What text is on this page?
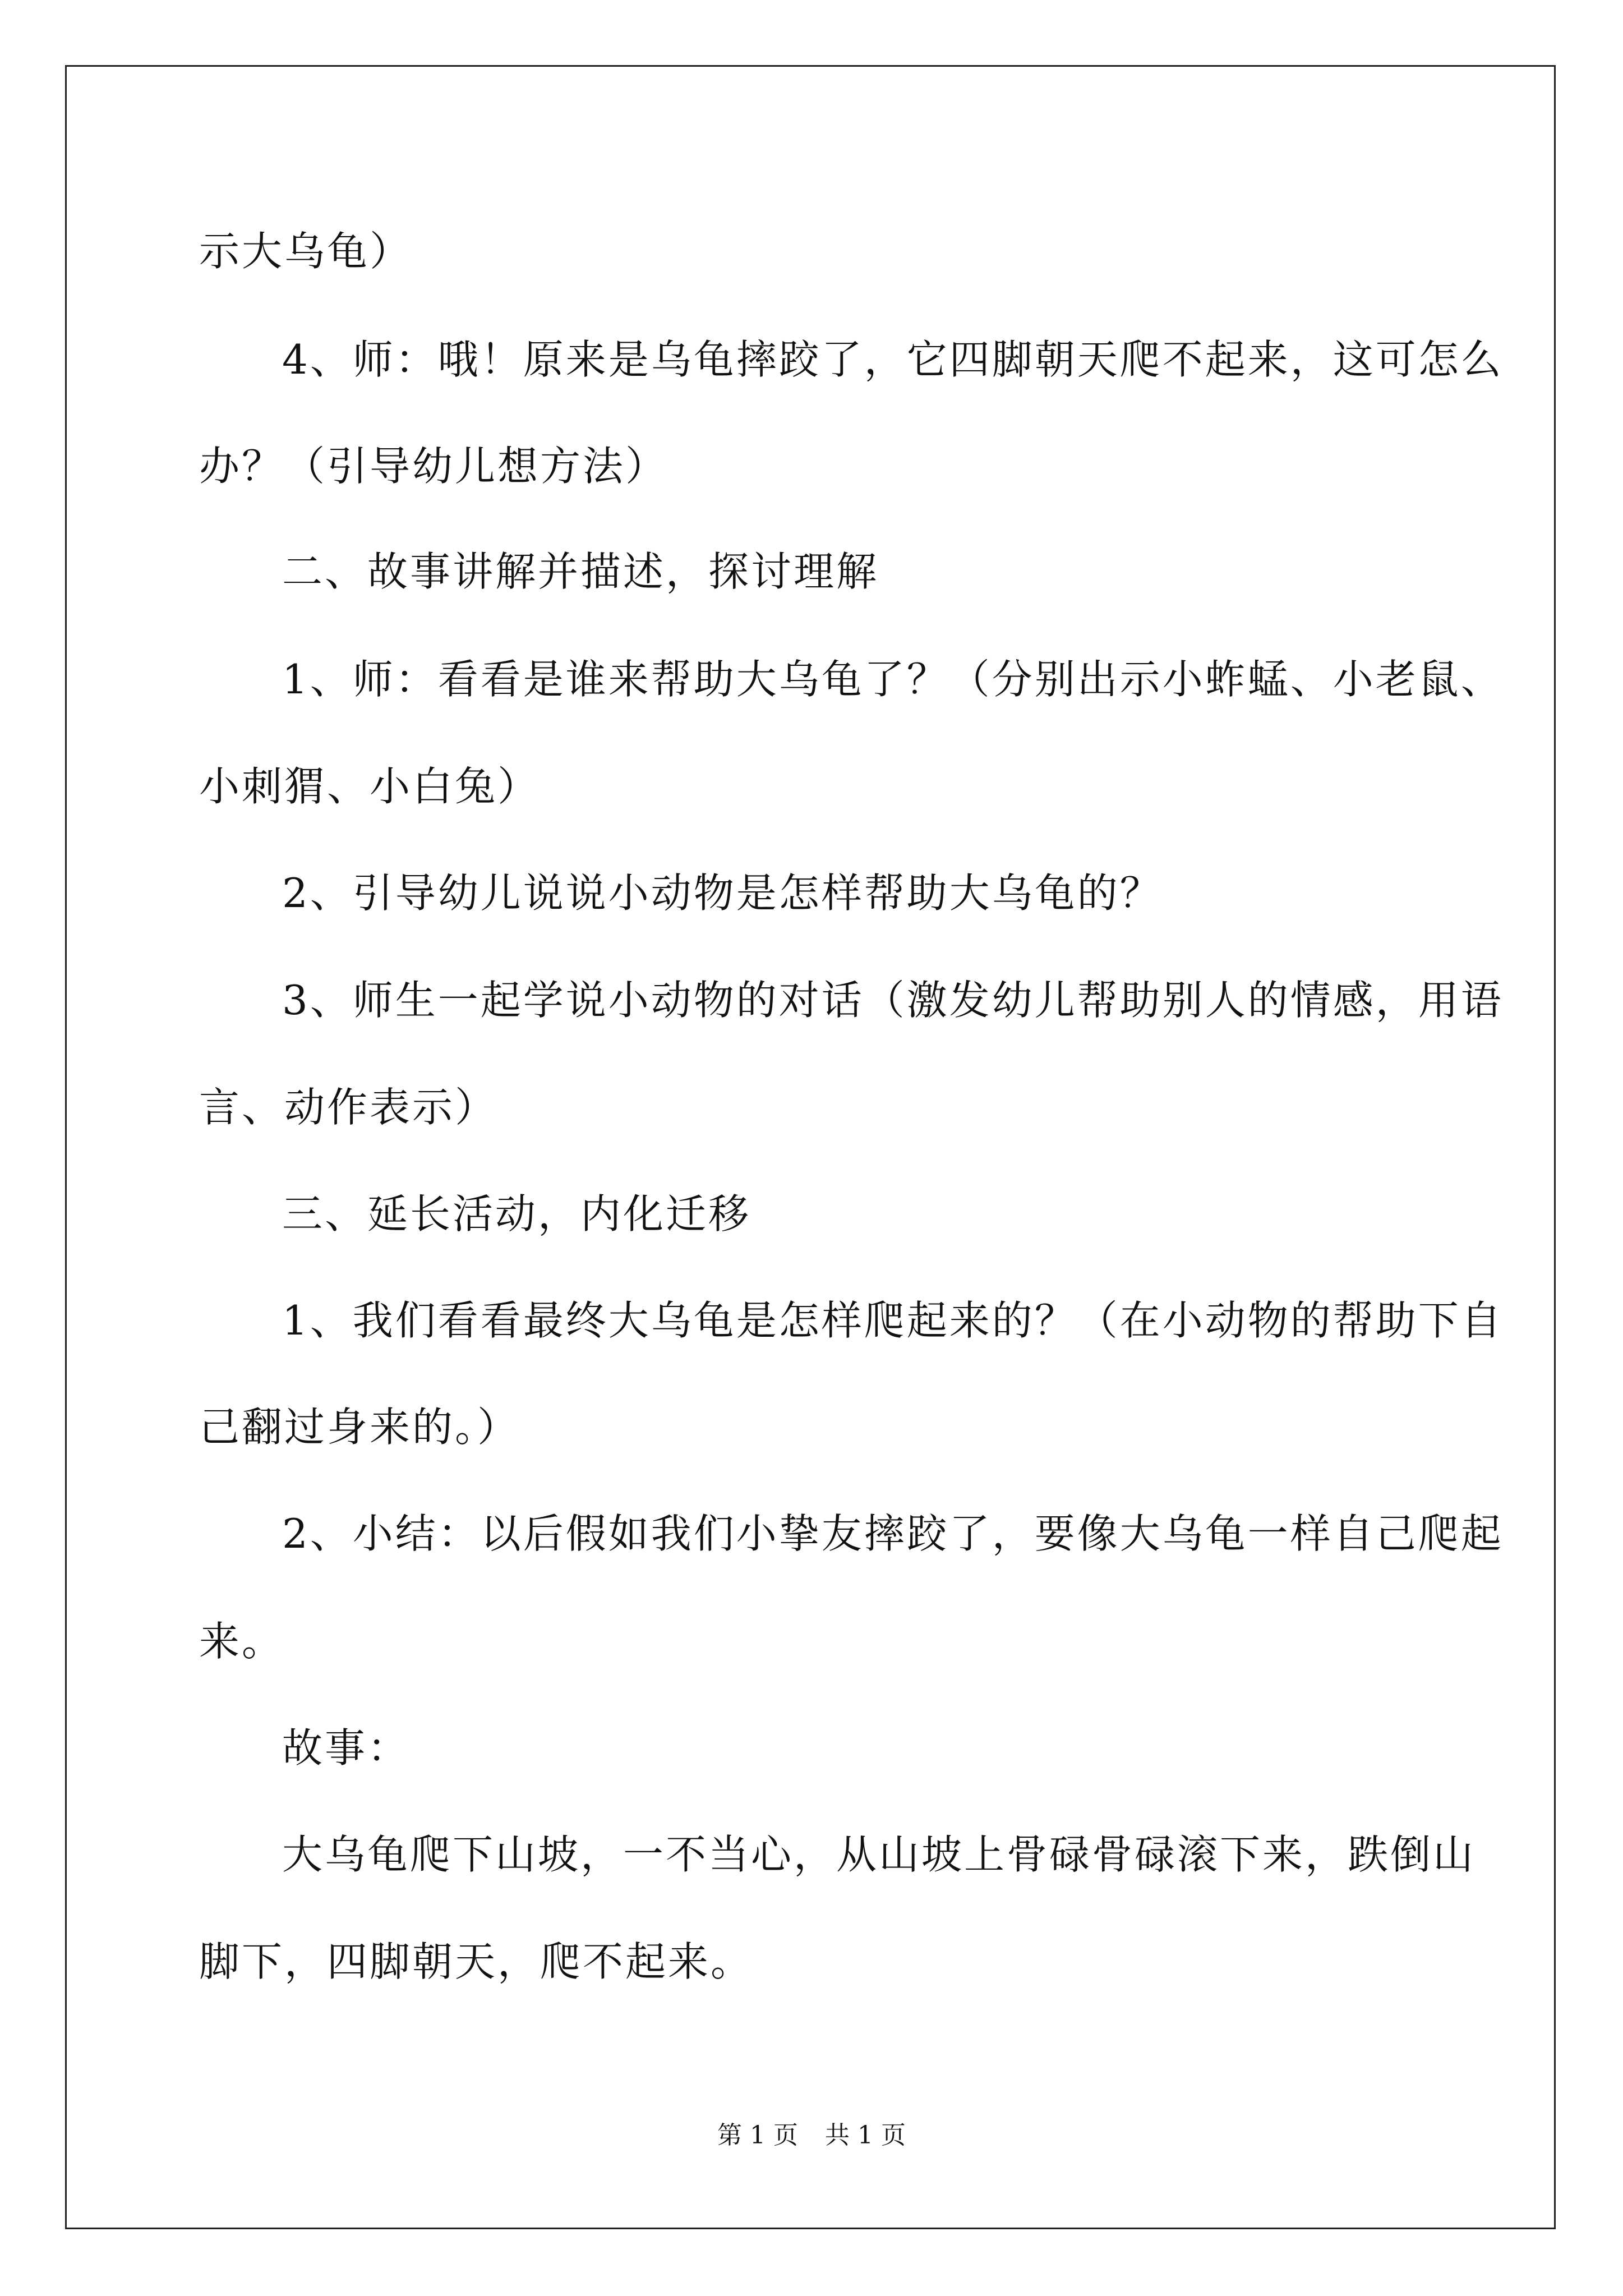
示大乌龟）
4、师：哦！原来是乌龟摔跤了，它四脚朝天爬不起来，这可怎么
办？（引导幼儿想方法）
二、故事讲解并描述，探讨理解
1、师：看看是谁来帮助大乌龟了？（分别出示小蚱蜢、小老鼠、
小刺猬、小白兔）
2、引导幼儿说说小动物是怎样帮助大乌龟的？
3、师生一起学说小动物的对话（激发幼儿帮助别人的情感，用语
言、动作表示）
三、延长活动，内化迁移
1、我们看看最终大乌龟是怎样爬起来的？（在小动物的帮助下自
己翻过身来的。）
2、小结：以后假如我们小挚友摔跤了，要像大乌龟一样自己爬起
来。
故事：
大乌龟爬下山坡，一不当心，从山坡上骨碌骨碌滚下来，跌倒山
脚下，四脚朝天，爬不起来。
第 1 页 共 1 页
